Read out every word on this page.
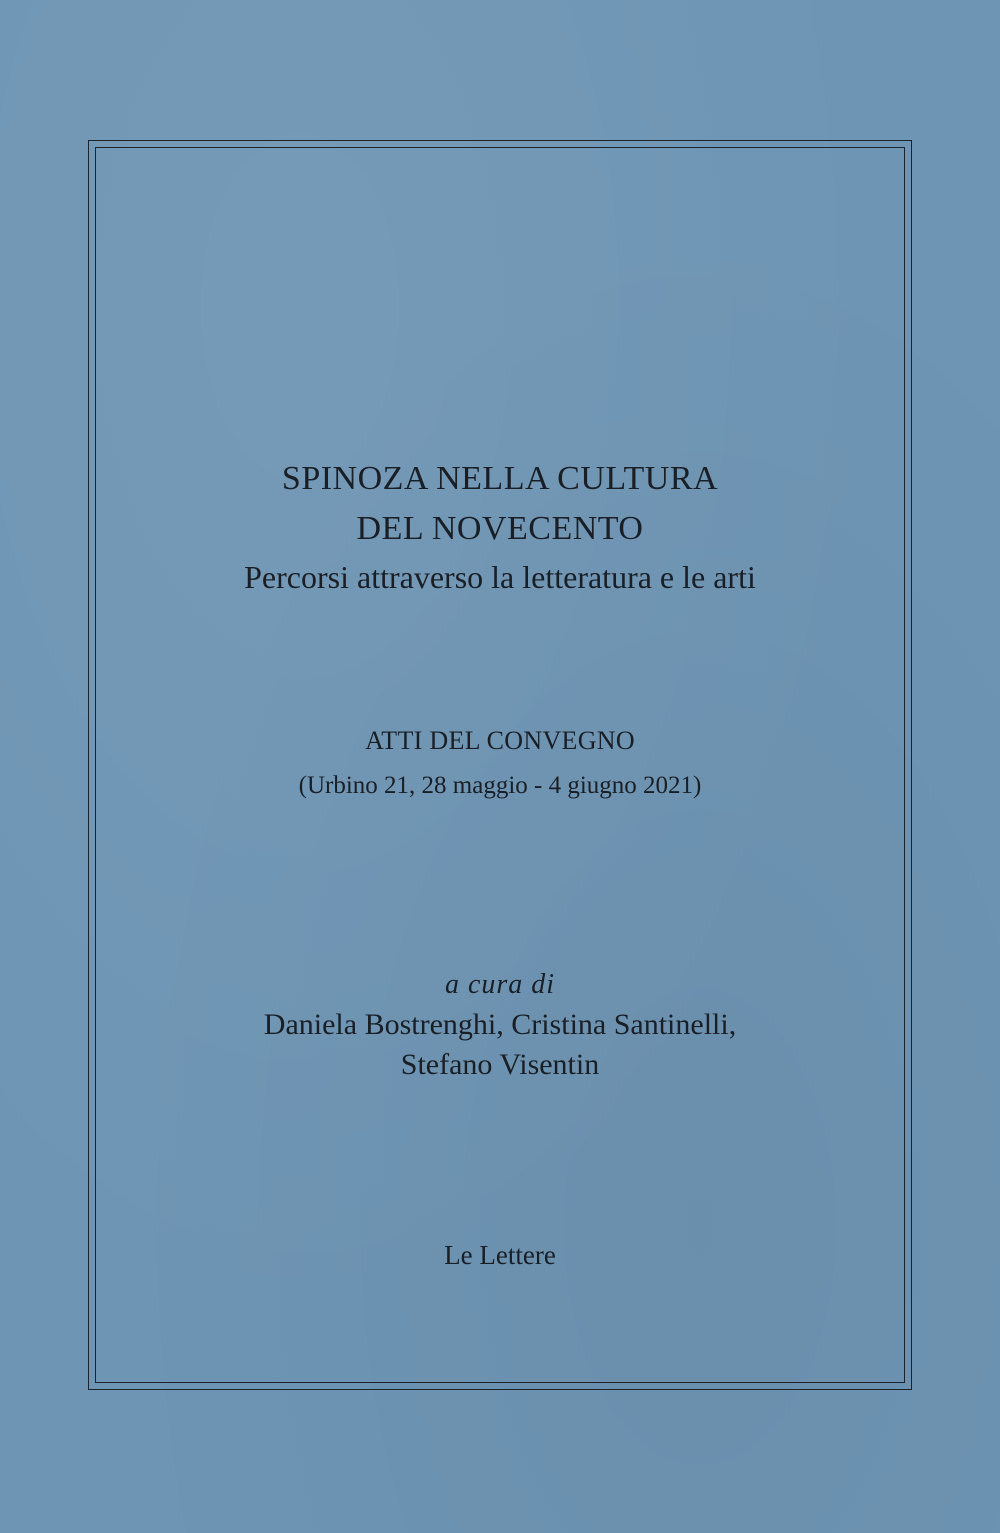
SPINOZA NELLA CULTURA
DEL NOVECENTO
Percorsi attraverso la letteratura e le arti
ATTI DEL CONVEGNO
(Urbino 21, 28 maggio - 4 giugno 2021)
a cura di
Daniela Bostrenghi, Cristina Santinelli,
Stefano Visentin
Le Lettere
